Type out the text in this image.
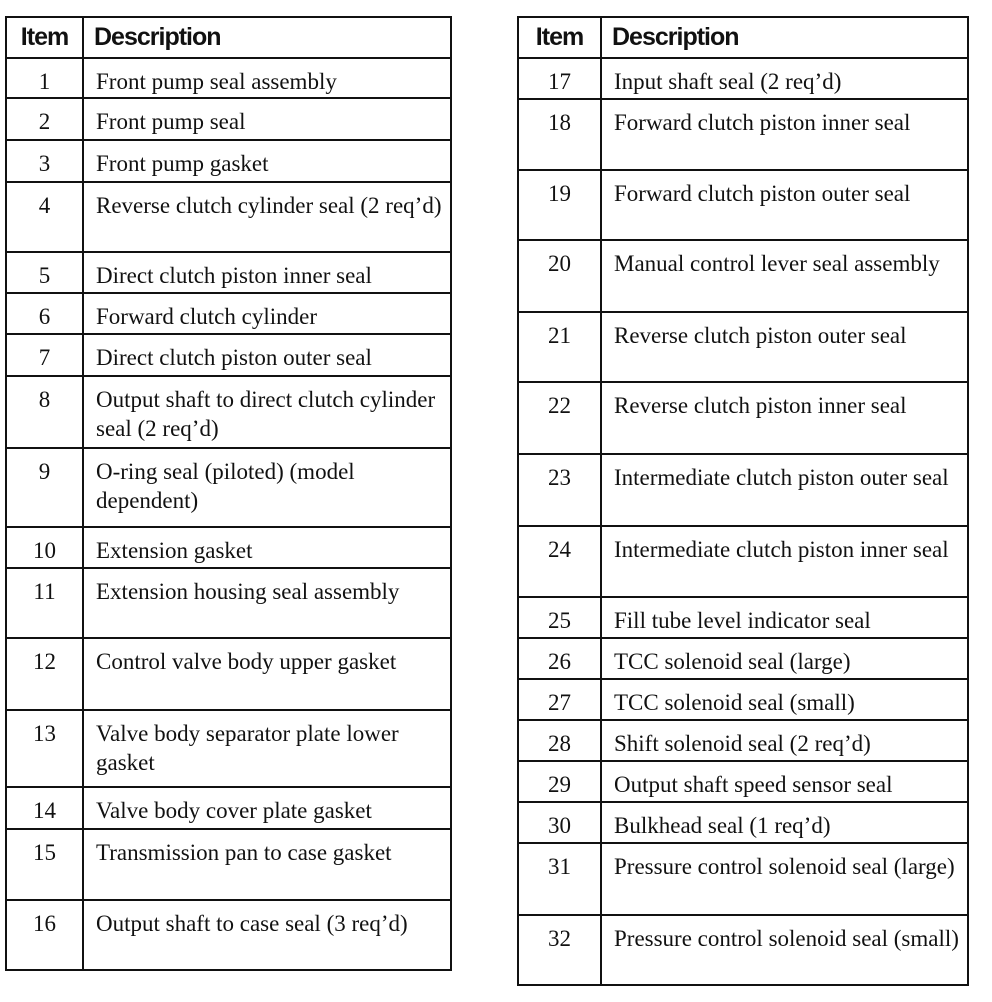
Item	Description
1	Front pump seal assembly
2	Front pump seal
3	Front pump gasket
4	Reverse clutch cylinder seal (2 req’d)
5	Direct clutch piston inner seal
6	Forward clutch cylinder
7	Direct clutch piston outer seal
8	Output shaft to direct clutch cylinder seal (2 req’d)
9	O-ring seal (piloted) (model dependent)
10	Extension gasket
11	Extension housing seal assembly
12	Control valve body upper gasket
13	Valve body separator plate lower gasket
14	Valve body cover plate gasket
15	Transmission pan to case gasket
16	Output shaft to case seal (3 req’d)
Item	Description
17	Input shaft seal (2 req’d)
18	Forward clutch piston inner seal
19	Forward clutch piston outer seal
20	Manual control lever seal assembly
21	Reverse clutch piston outer seal
22	Reverse clutch piston inner seal
23	Intermediate clutch piston outer seal
24	Intermediate clutch piston inner seal
25	Fill tube level indicator seal
26	TCC solenoid seal (large)
27	TCC solenoid seal (small)
28	Shift solenoid seal (2 req’d)
29	Output shaft speed sensor seal
30	Bulkhead seal (1 req’d)
31	Pressure control solenoid seal (large)
32	Pressure control solenoid seal (small)
